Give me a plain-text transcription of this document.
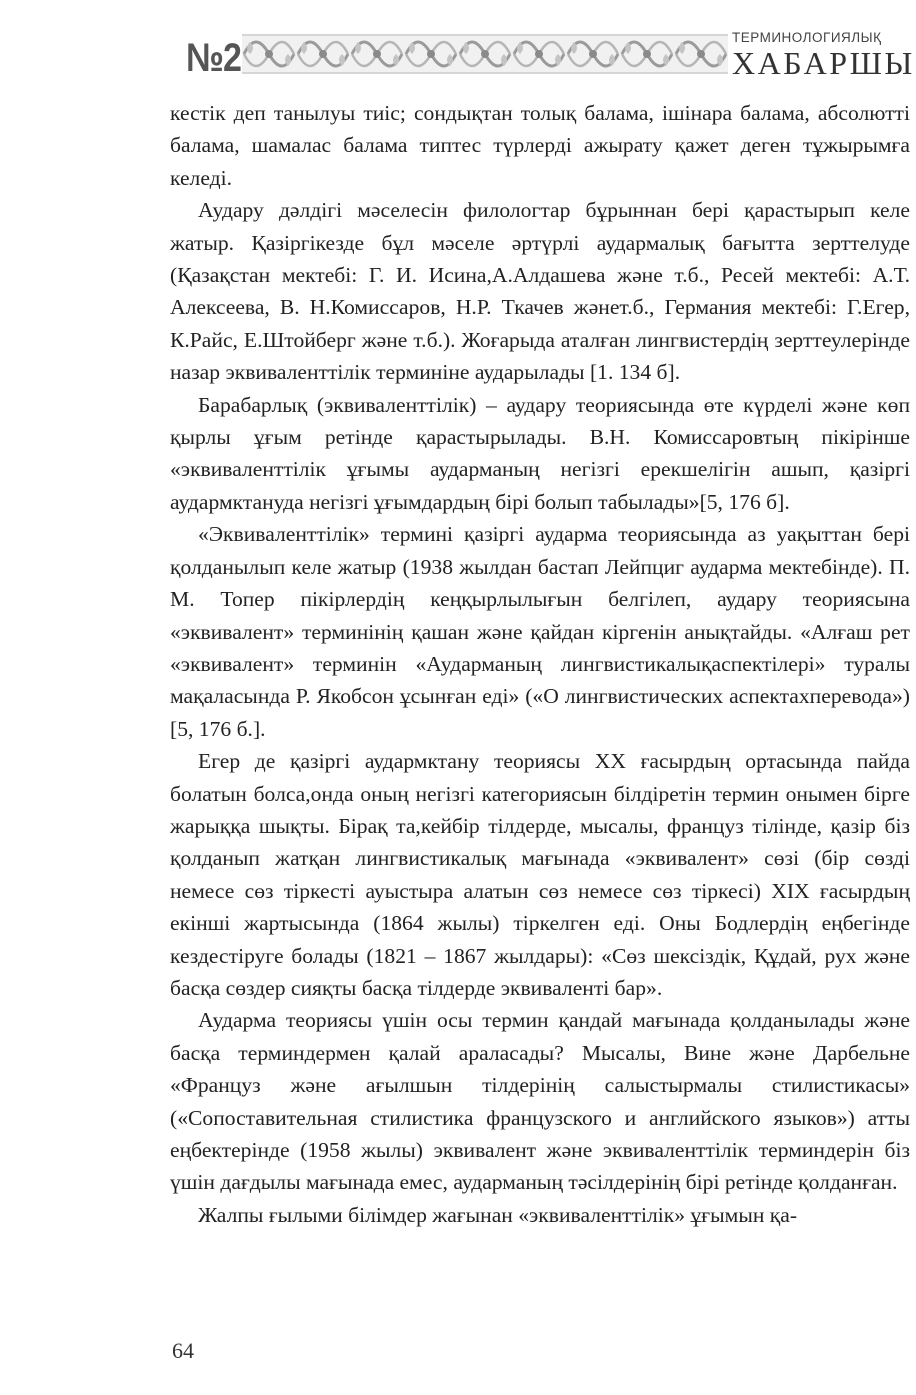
№2	ТЕРМИНОЛОГИЯЛЫҚ
ХАБАРШЫ

кестік деп танылуы тиіс; сондықтан толық балама, ішінара балама, абсолютті балама, шамалас балама типтес түрлерді ажырату қажет деген тұжырымға келеді.

Аудару дәлдігі мәселесін филологтар бұрыннан бері қарастырып келе жатыр. Қазіргікезде бұл мәселе әртүрлі аудармалық бағытта зерттелуде (Қазақстан мектебі: Г. И. Исина,А.Алдашева және т.б., Ресей мектебі: А.Т. Алексеева, В. Н.Комиссаров, Н.Р. Ткачев жәнет.б., Германия мектебі: Г.Егер, К.Райс, Е.Штойберг және т.б.). Жоғарыда аталған лингвистердің зерттеулерінде назар эквиваленттілік терминіне аударылады [1. 134 б].

Барабарлық (эквиваленттілік) – аудару теориясында өте күрделі және көп қырлы ұғым ретінде қарастырылады. В.Н. Комиссаровтың пікірінше «эквиваленттілік ұғымы аударманың негізгі ерекшелігін ашып, қазіргі аудармктануда негізгі ұғымдардың бірі болып табылады»[5, 176 б].

«Эквиваленттілік» термині қазіргі аударма теориясында аз уақыттан бері қолданылып келе жатыр (1938 жылдан бастап Лейпциг аударма мектебінде). П. М. Топер пікірлердің кеңқырлылығын белгілеп, аудару теориясына «эквивалент» терминінің қашан және қайдан кіргенін анықтайды. «Алғаш рет «эквивалент» терминін «Аударманың лингвистикалықаспектілері» туралы мақаласында Р. Якобсон ұсынған еді» («О лингвистических аспектахперевода») [5, 176 б.].

Егер де қазіргі аудармктану теориясы XX ғасырдың ортасында пайда болатын болса,онда оның негізгі категориясын білдіретін термин онымен бірге жарыққа шықты. Бірақ та,кейбір тілдерде, мысалы, француз тілінде, қазір біз қолданып жатқан лингвистикалық мағынада «эквивалент» сөзі (бір сөзді немесе сөз тіркесті ауыстыра алатын сөз немесе сөз тіркесі) XIX ғасырдың екінші жартысында (1864 жылы) тіркелген еді. Оны Бодлердің еңбегінде кездестіруге болады (1821 – 1867 жылдары): «Сөз шексіздік, Құдай, рух және басқа сөздер сияқты басқа тілдерде эквиваленті бар».

Аударма теориясы үшін осы термин қандай мағынада қолданылады және басқа терминдермен қалай араласады? Мысалы, Вине және Дарбельне «Француз және ағылшын тілдерінің салыстырмалы стилистикасы» («Сопоставительная стилистика французского и английского языков») атты еңбектерінде (1958 жылы) эквивалент және эквиваленттілік терминдерін біз үшін дағдылы мағынада емес, аударманың тәсілдерінің бірі ретінде қолданған.

Жалпы ғылыми білімдер жағынан «эквиваленттілік» ұғымын қа-

64
